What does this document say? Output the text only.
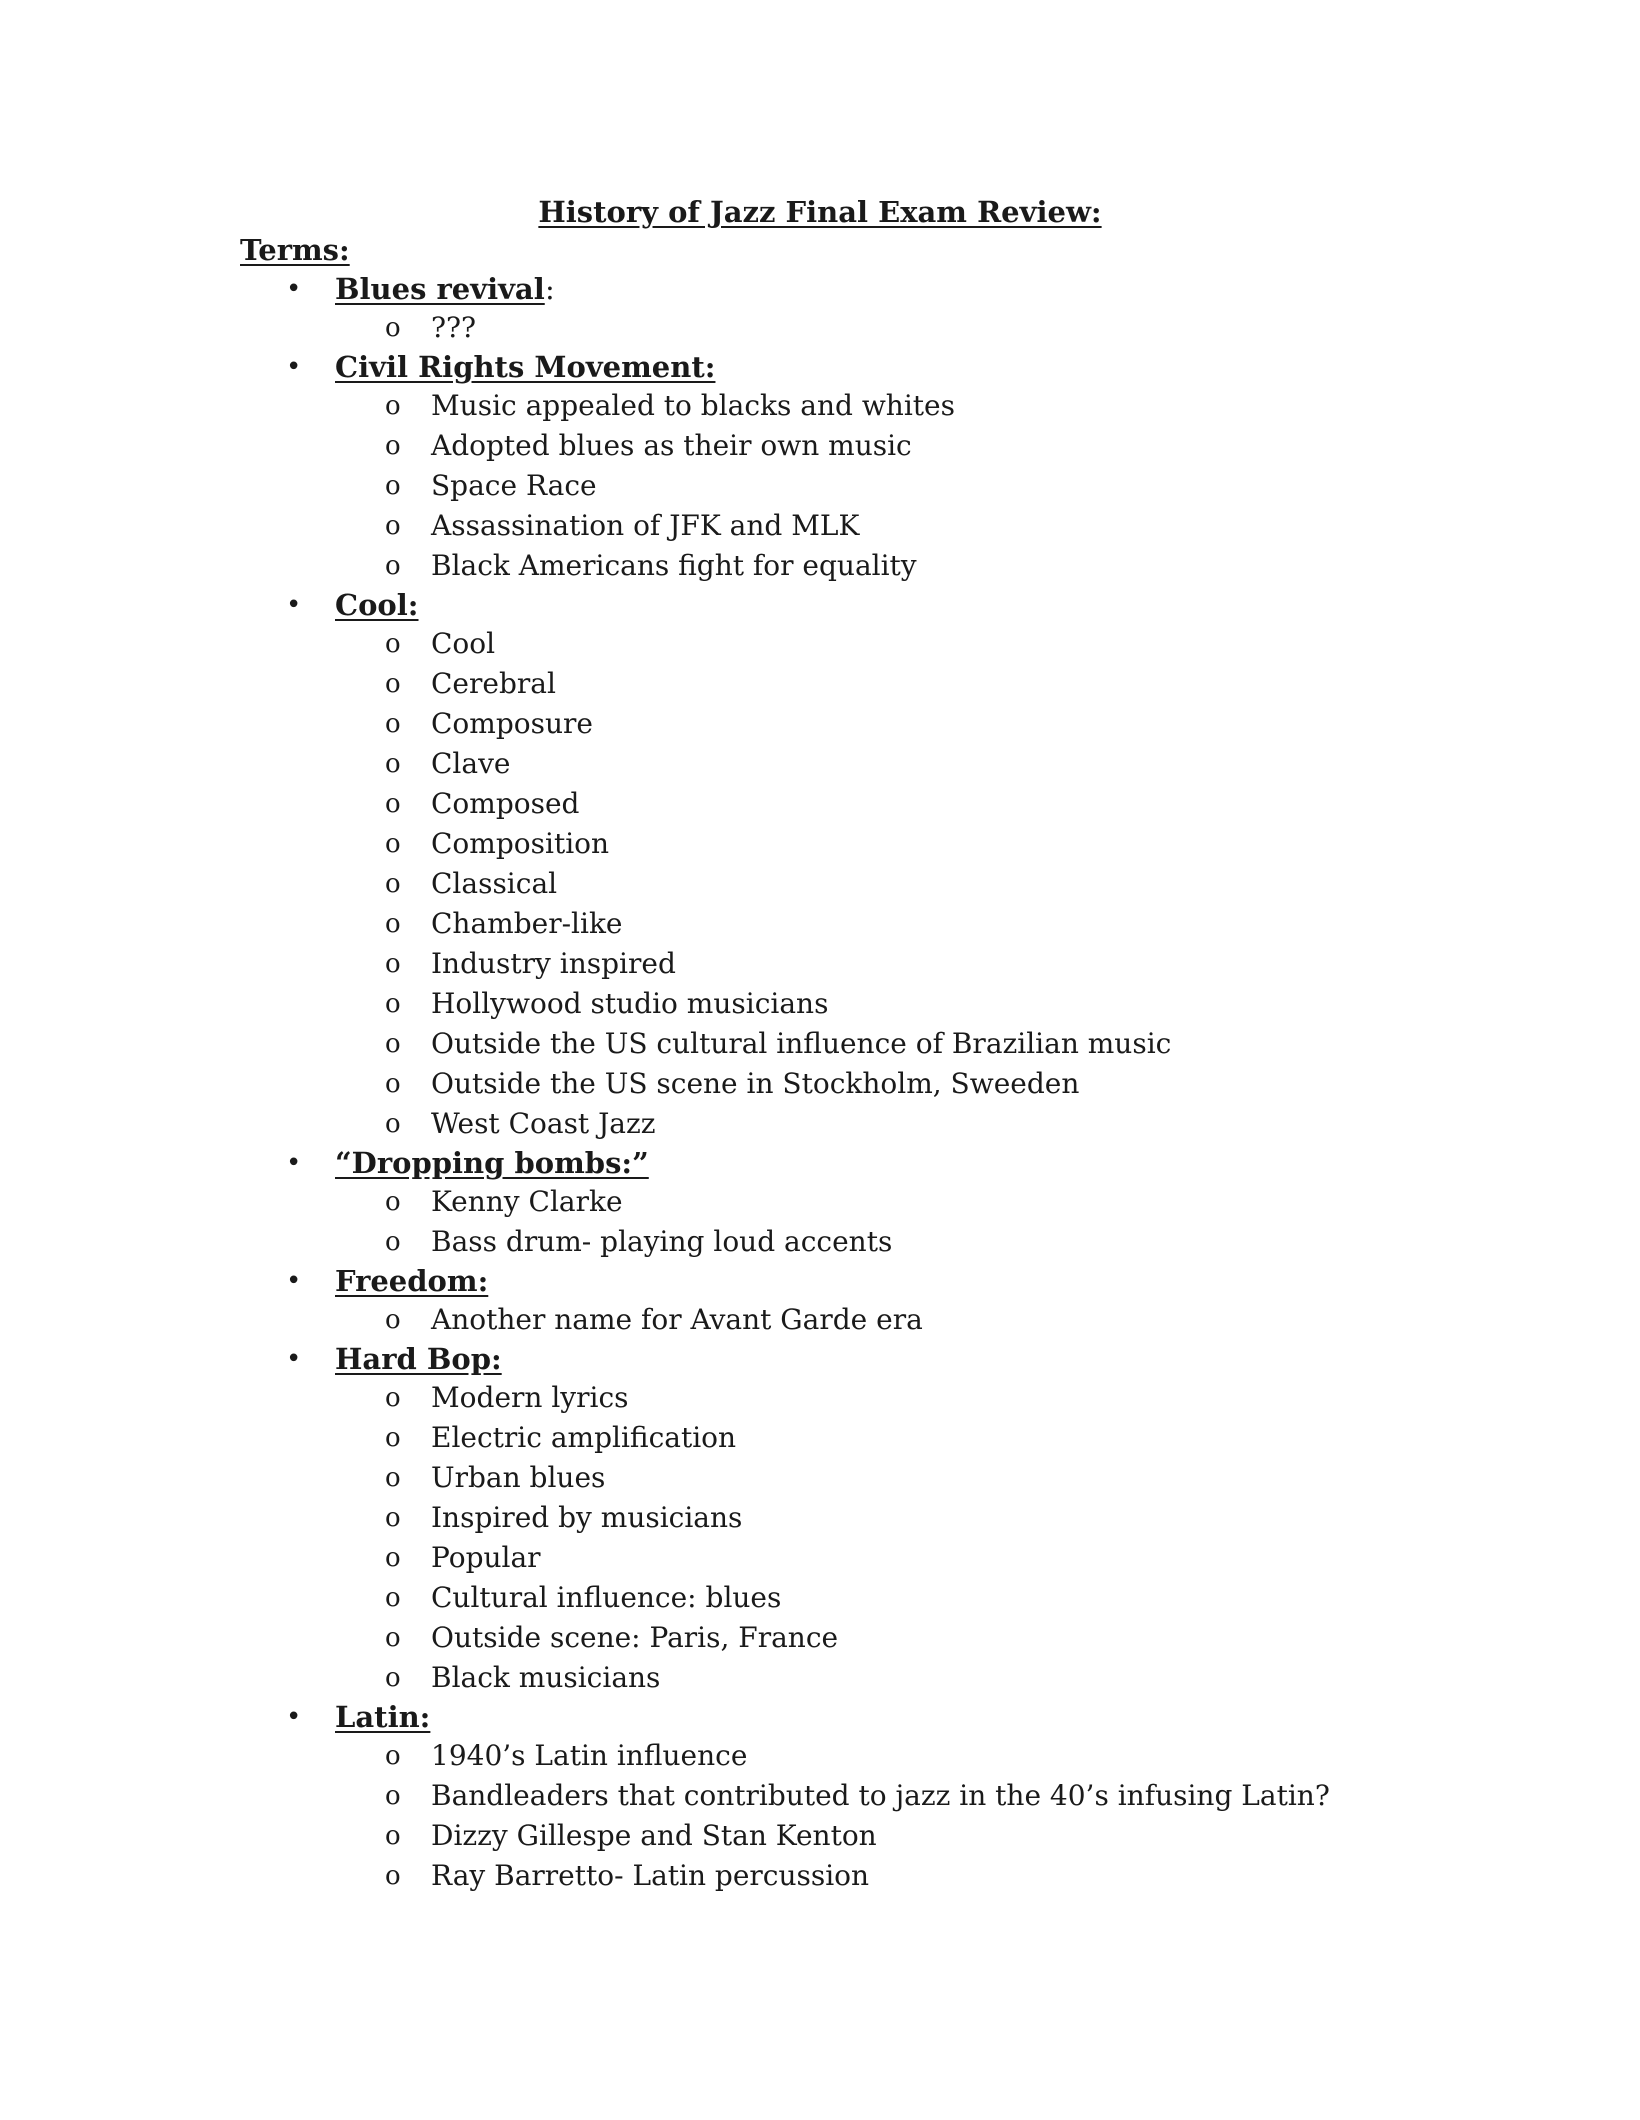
History of Jazz Final Exam Review:
Terms:
• Blues revival :
o ???
• Civil Rights Movement:
o Music appealed to blacks and whites
o Adopted blues as their own music
o Space Race
o Assassination of JFK and MLK
o Black Americans fight for equality
• Cool:
o Cool
o Cerebral
o Composure
o Clave
o Composed
o Composition
o Classical
o Chamber-like
o Industry inspired
o Hollywood studio musicians
o Outside the US cultural influence of Brazilian music
o Outside the US scene in Stockholm, Sweeden
o West Coast Jazz
• “Dropping bombs:”
o Kenny Clarke
o Bass drum- playing loud accents
• Freedom:
o Another name for Avant Garde era
• Hard Bop:
o Modern lyrics
o Electric amplification
o Urban blues
o Inspired by musicians
o Popular
o Cultural influence: blues
o Outside scene: Paris, France
o Black musicians
• Latin:
o 1940’s Latin influence
o Bandleaders that contributed to jazz in the 40’s infusing Latin?
o Dizzy Gillespe and Stan Kenton
o Ray Barretto- Latin percussion
